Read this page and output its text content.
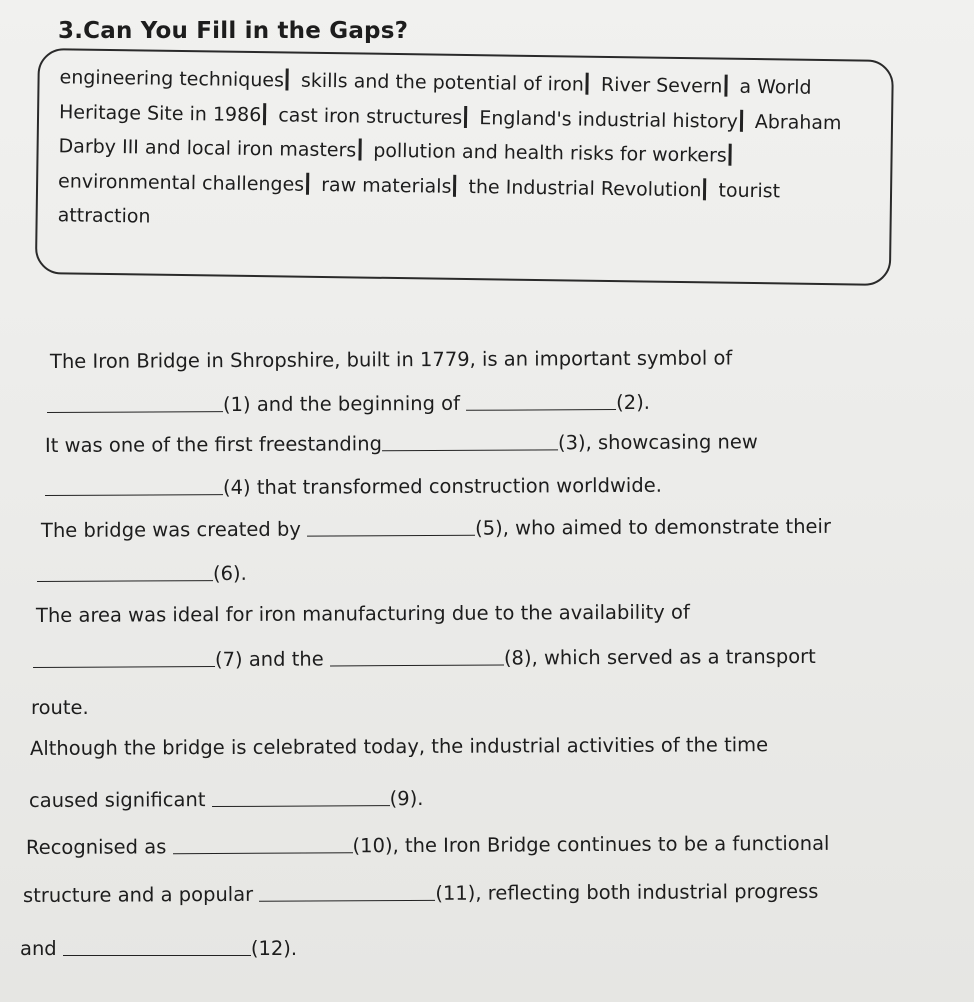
3.Can You Fill in the Gaps?
engineering techniques skills and the potential of iron River Severn a World Heritage Site in 1986 cast iron structures England's industrial history Abraham Darby III and local iron masters pollution and health risks for workers environmental challenges raw materials the Industrial Revolution tourist attraction
The Iron Bridge in Shropshire, built in 1779, is an important symbol of
(1) and the beginning of	(2).
It was one of the first freestanding	(3), showcasing new
(4) that transformed construction worldwide.
The bridge was created by	(5), who aimed to demonstrate their
(6).
The area was ideal for iron manufacturing due to the availability of
(7) and the	(8), which served as a transport
route.
Although the bridge is celebrated today, the industrial activities of the time
caused significant	(9).
Recognised as	(10), the Iron Bridge continues to be a functional
structure and a popular	(11), reflecting both industrial progress
and	(12).
